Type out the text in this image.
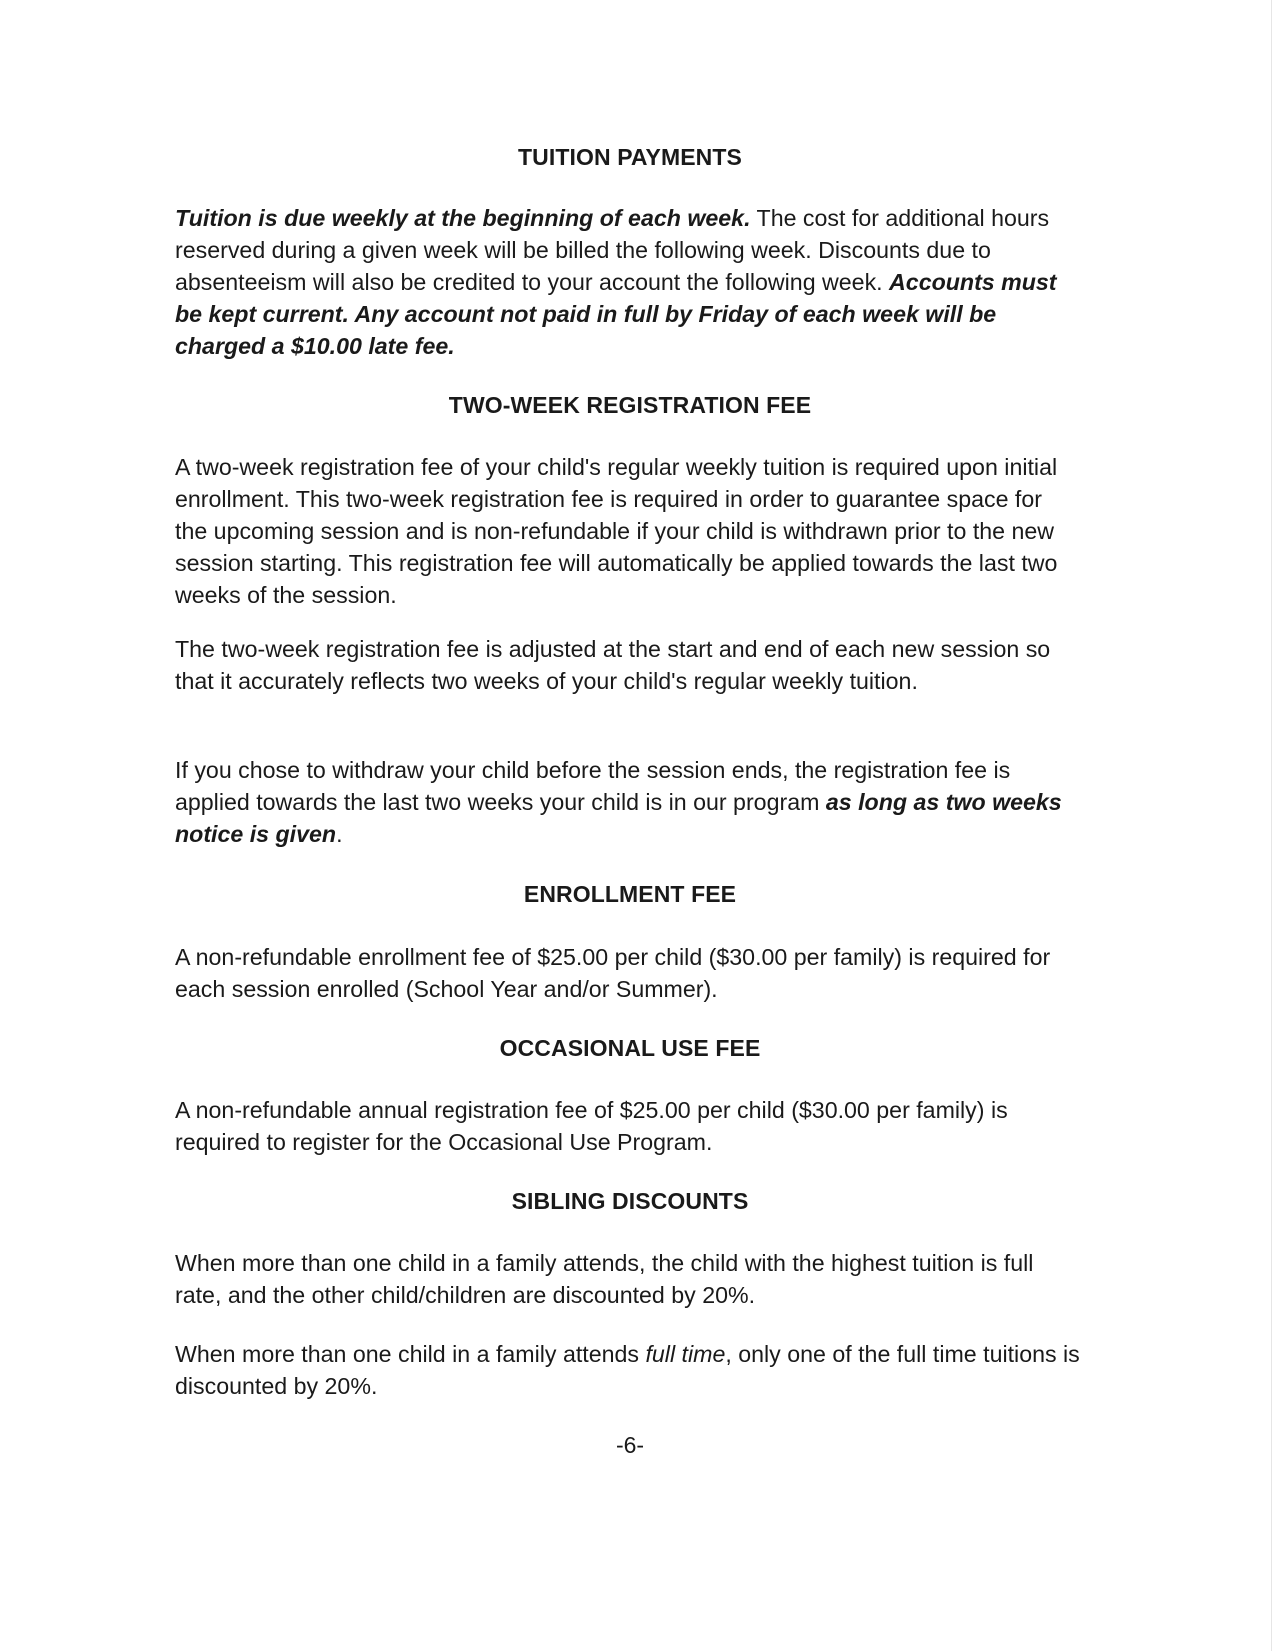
TUITION PAYMENTS

Tuition is due weekly at the beginning of each week. The cost for additional hours reserved during a given week will be billed the following week. Discounts due to absenteeism will also be credited to your account the following week. Accounts must be kept current. Any account not paid in full by Friday of each week will be charged a $10.00 late fee.

TWO-WEEK REGISTRATION FEE

A two-week registration fee of your child's regular weekly tuition is required upon initial enrollment. This two-week registration fee is required in order to guarantee space for the upcoming session and is non-refundable if your child is withdrawn prior to the new session starting. This registration fee will automatically be applied towards the last two weeks of the session.

The two-week registration fee is adjusted at the start and end of each new session so that it accurately reflects two weeks of your child's regular weekly tuition.

If you chose to withdraw your child before the session ends, the registration fee is applied towards the last two weeks your child is in our program as long as two weeks notice is given.

ENROLLMENT FEE

A non-refundable enrollment fee of $25.00 per child ($30.00 per family) is required for each session enrolled (School Year and/or Summer).

OCCASIONAL USE FEE

A non-refundable annual registration fee of $25.00 per child ($30.00 per family) is required to register for the Occasional Use Program.

SIBLING DISCOUNTS

When more than one child in a family attends, the child with the highest tuition is full rate, and the other child/children are discounted by 20%.

When more than one child in a family attends full time, only one of the full time tuitions is discounted by 20%.

-6-
